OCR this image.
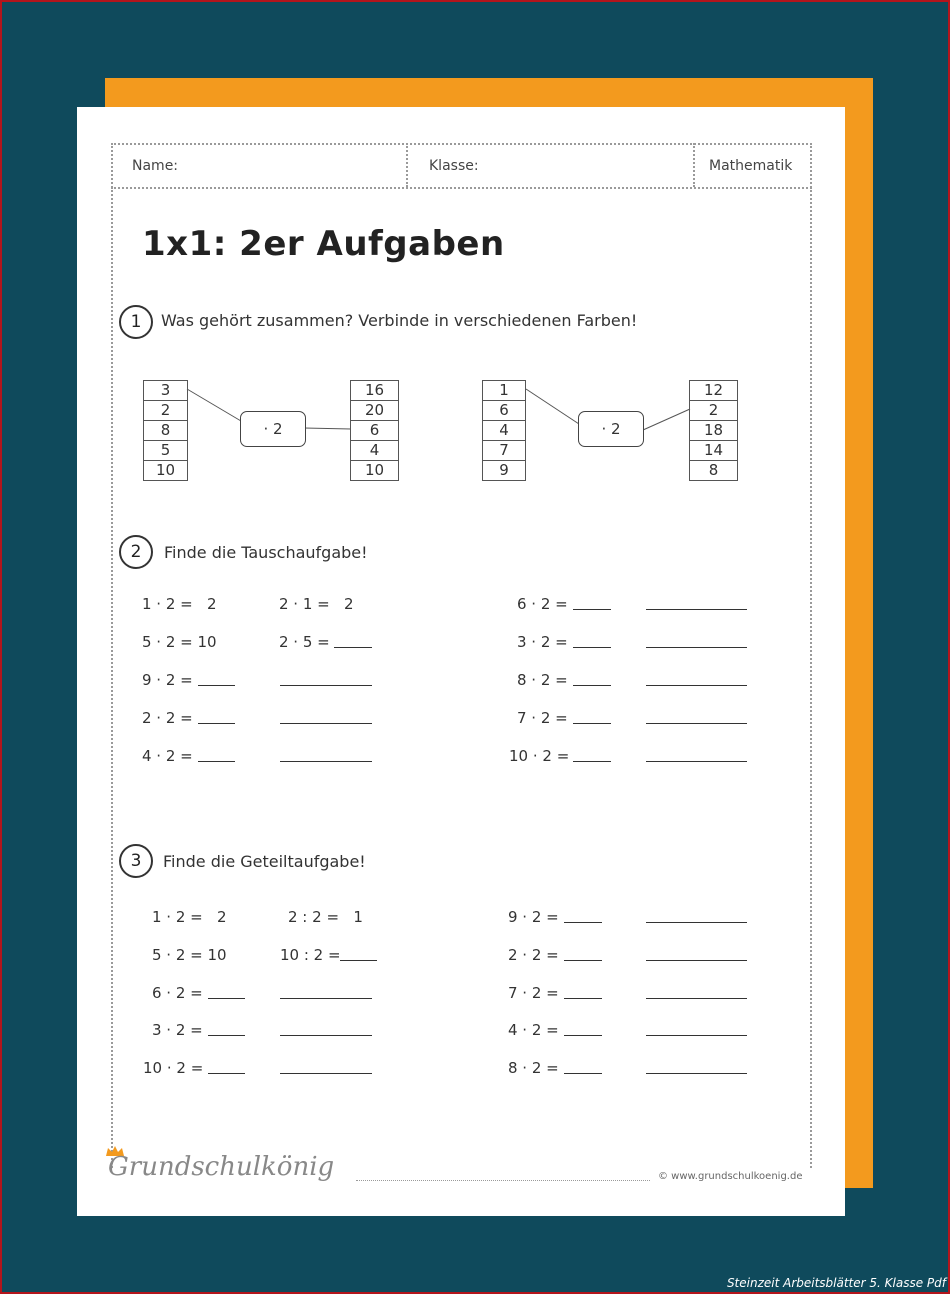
Name:	Klasse:	Mathematik
1x1: 2er Aufgaben
1	Was gehört zusammen? Verbinde in verschiedenen Farben!
3
2
8
5
10
· 2
16
20
6
4
10
1
6
4
7
9
· 2
12
2
18
14
8
2	Finde die Tauschaufgabe!
1 · 2 =   2	2 · 1 =   2	6 · 2 =
5 · 2 = 10	2 · 5 =	3 · 2 =
9 · 2 =	8 · 2 =
2 · 2 =	7 · 2 =
4 · 2 =	10 · 2 =
3	Finde die Geteiltaufgabe!
1 · 2 =   2	2 : 2 =   1	9 · 2 =
5 · 2 = 10	10 : 2 =	2 · 2 =
6 · 2 =	7 · 2 =
3 · 2 =	4 · 2 =
10 · 2 =	8 · 2 =
Grundschulkönig	© www.grundschulkoenig.de
Steinzeit Arbeitsblätter 5. Klasse Pdf
